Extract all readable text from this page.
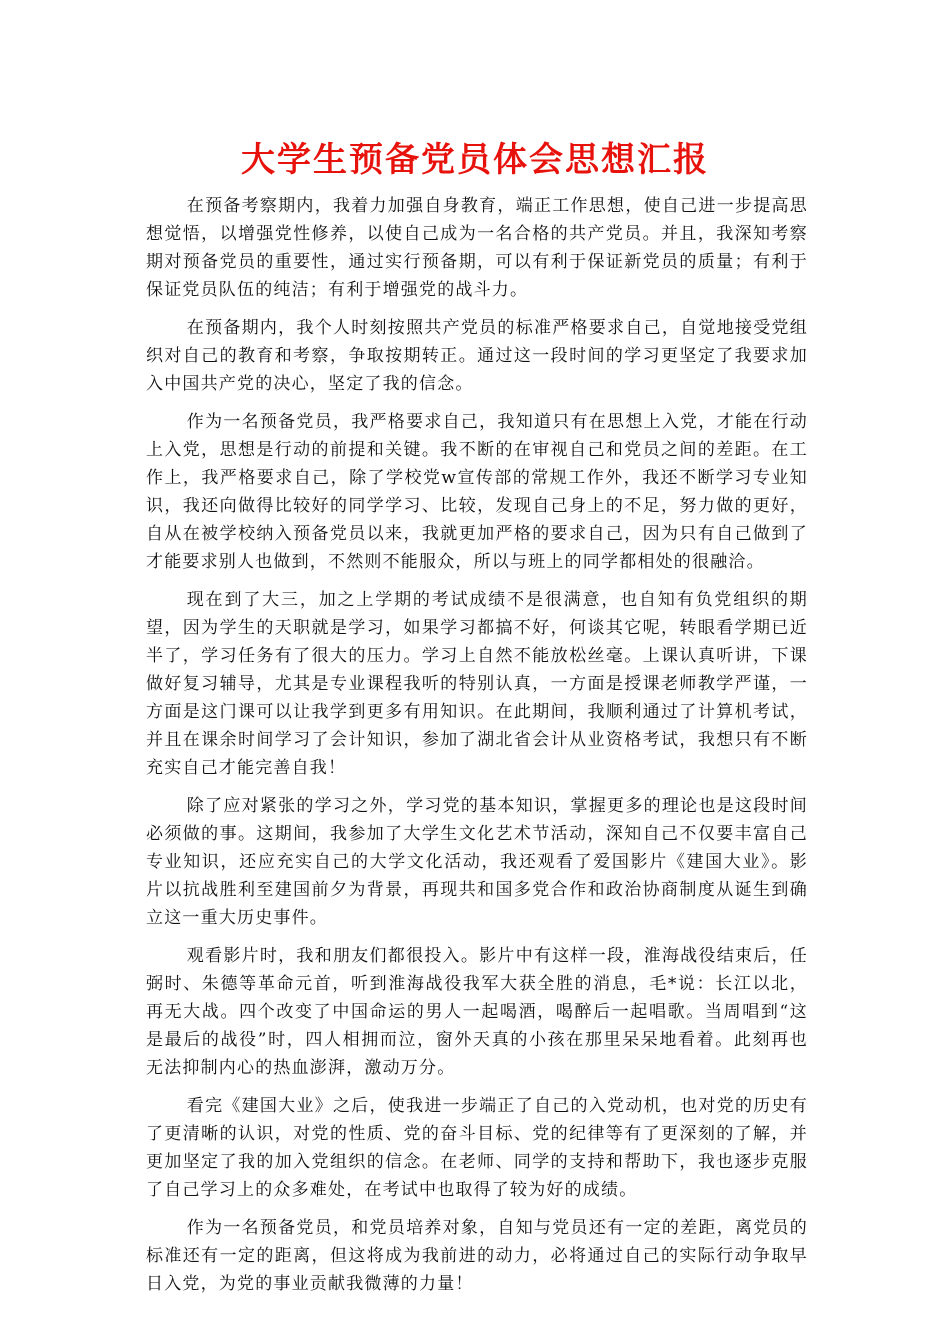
大学生预备党员体会思想汇报

在预备考察期内，我着力加强自身教育，端正工作思想，使自己进一步提高思想觉悟，以增强党性修养，以使自己成为一名合格的共产党员。并且，我深知考察期对预备党员的重要性，通过实行预备期，可以有利于保证新党员的质量；有利于保证党员队伍的纯洁；有利于增强党的战斗力。

在预备期内，我个人时刻按照共产党员的标准严格要求自己，自觉地接受党组织对自己的教育和考察，争取按期转正。通过这一段时间的学习更坚定了我要求加入中国共产党的决心，坚定了我的信念。

作为一名预备党员，我严格要求自己，我知道只有在思想上入党，才能在行动上入党，思想是行动的前提和关键。我不断的在审视自己和党员之间的差距。在工作上，我严格要求自己，除了学校党w宣传部的常规工作外，我还不断学习专业知识，我还向做得比较好的同学学习、比较，发现自己身上的不足，努力做的更好，自从在被学校纳入预备党员以来，我就更加严格的要求自己，因为只有自己做到了才能要求别人也做到，不然则不能服众，所以与班上的同学都相处的很融洽。

现在到了大三，加之上学期的考试成绩不是很满意，也自知有负党组织的期望，因为学生的天职就是学习，如果学习都搞不好，何谈其它呢，转眼看学期已近半了，学习任务有了很大的压力。学习上自然不能放松丝毫。上课认真听讲，下课做好复习辅导，尤其是专业课程我听的特别认真，一方面是授课老师教学严谨，一方面是这门课可以让我学到更多有用知识。在此期间，我顺利通过了计算机考试，并且在课余时间学习了会计知识，参加了湖北省会计从业资格考试，我想只有不断充实自己才能完善自我！

除了应对紧张的学习之外，学习党的基本知识，掌握更多的理论也是这段时间必须做的事。这期间，我参加了大学生文化艺术节活动，深知自己不仅要丰富自己专业知识，还应充实自己的大学文化活动，我还观看了爱国影片《建国大业》。影片以抗战胜利至建国前夕为背景，再现共和国多党合作和政治协商制度从诞生到确立这一重大历史事件。

观看影片时，我和朋友们都很投入。影片中有这样一段，淮海战役结束后，任弼时、朱德等革命元首，听到淮海战役我军大获全胜的消息，毛*说：长江以北，再无大战。四个改变了中国命运的男人一起喝酒，喝醉后一起唱歌。当周唱到“这是最后的战役”时，四人相拥而泣，窗外天真的小孩在那里呆呆地看着。此刻再也无法抑制内心的热血澎湃，激动万分。

看完《建国大业》之后，使我进一步端正了自己的入党动机，也对党的历史有了更清晰的认识，对党的性质、党的奋斗目标、党的纪律等有了更深刻的了解，并更加坚定了我的加入党组织的信念。在老师、同学的支持和帮助下，我也逐步克服了自己学习上的众多难处，在考试中也取得了较为好的成绩。

作为一名预备党员，和党员培养对象，自知与党员还有一定的差距，离党员的标准还有一定的距离，但这将成为我前进的动力，必将通过自己的实际行动争取早日入党，为党的事业贡献我微薄的力量！
